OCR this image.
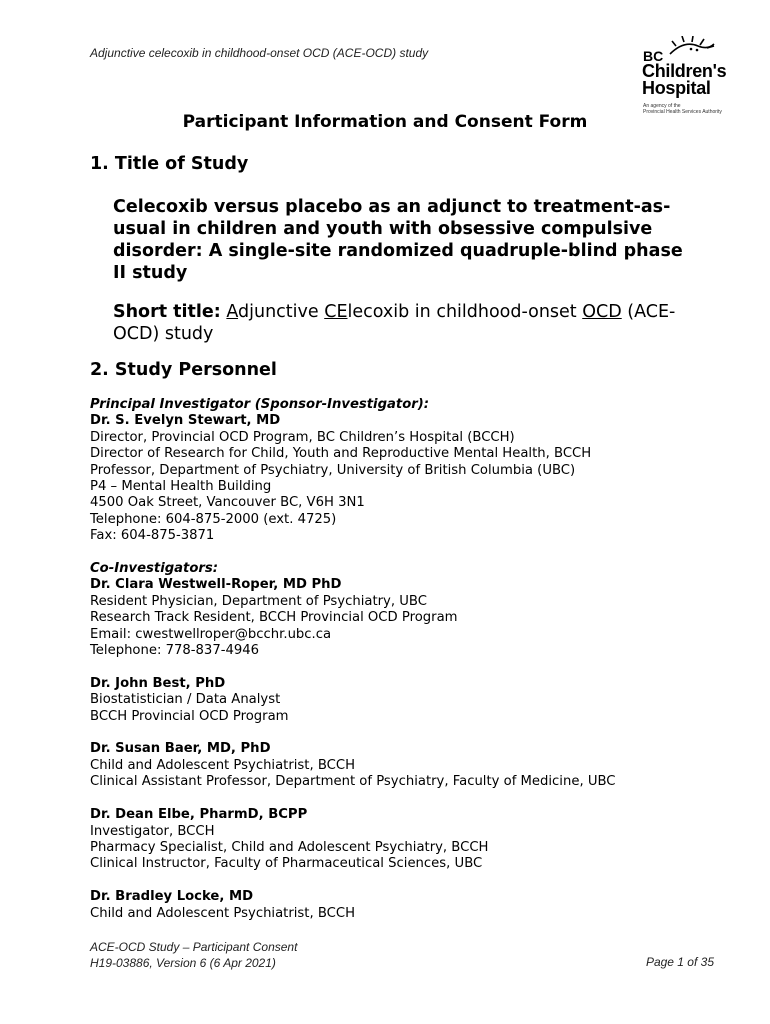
Adjunctive celecoxib in childhood-onset OCD (ACE-OCD) study	BC
Children's
Hospital
An agency of the
Provincial Health Services Authority
Participant Information and Consent Form
1. Title of Study
Celecoxib versus placebo as an adjunct to treatment-as-usual in children and youth with obsessive compulsive disorder: A single-site randomized quadruple-blind phase II study
Short title: Adjunctive CElecoxib in childhood-onset OCD (ACE-OCD) study
2. Study Personnel
Principal Investigator (Sponsor-Investigator):
Dr. S. Evelyn Stewart, MD
Director, Provincial OCD Program, BC Children’s Hospital (BCCH)
Director of Research for Child, Youth and Reproductive Mental Health, BCCH
Professor, Department of Psychiatry, University of British Columbia (UBC)
P4 – Mental Health Building
4500 Oak Street, Vancouver BC, V6H 3N1
Telephone: 604-875-2000 (ext. 4725)
Fax: 604-875-3871
Co-Investigators:
Dr. Clara Westwell-Roper, MD PhD
Resident Physician, Department of Psychiatry, UBC
Research Track Resident, BCCH Provincial OCD Program
Email: cwestwellroper@bcchr.ubc.ca
Telephone: 778-837-4946
Dr. John Best, PhD
Biostatistician / Data Analyst
BCCH Provincial OCD Program
Dr. Susan Baer, MD, PhD
Child and Adolescent Psychiatrist, BCCH
Clinical Assistant Professor, Department of Psychiatry, Faculty of Medicine, UBC
Dr. Dean Elbe, PharmD, BCPP
Investigator, BCCH
Pharmacy Specialist, Child and Adolescent Psychiatry, BCCH
Clinical Instructor, Faculty of Pharmaceutical Sciences, UBC
Dr. Bradley Locke, MD
Child and Adolescent Psychiatrist, BCCH
ACE-OCD Study – Participant Consent
H19-03886, Version 6 (6 Apr 2021)	Page 1 of 35
